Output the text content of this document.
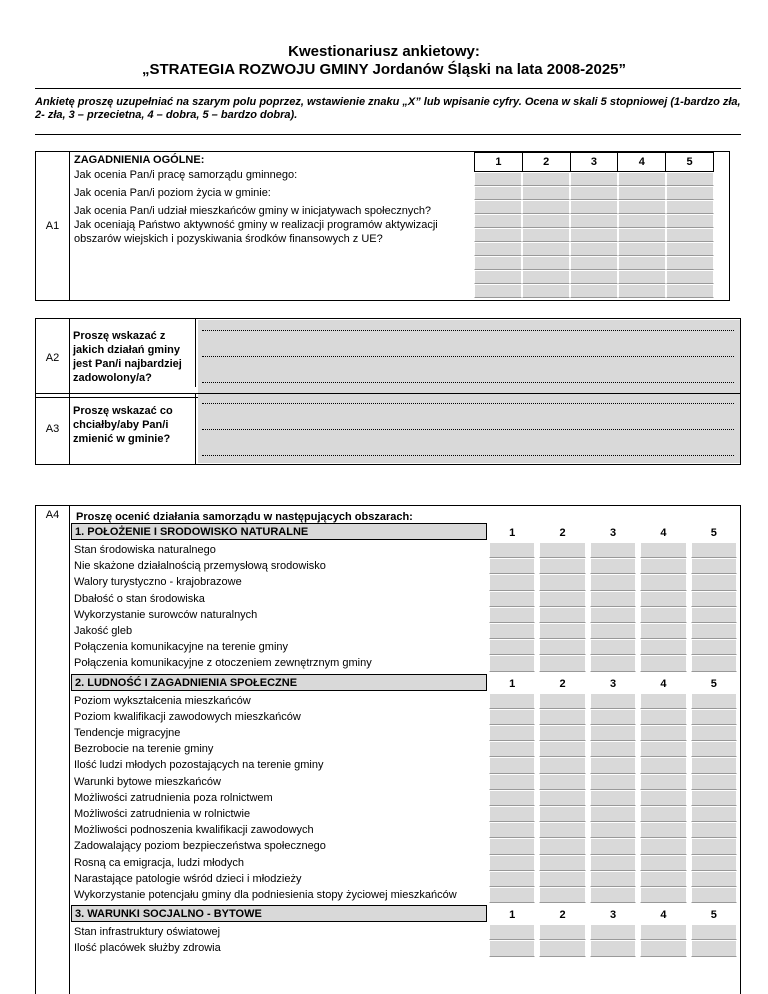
Kwestionariusz ankietowy:
„STRATEGIA ROZWOJU GMINY Jordanów Śląski na lata 2008-2025”
Ankietę proszę uzupełniać na szarym polu poprzez, wstawienie znaku „X” lub wpisanie cyfry. Ocena w skali 5 stopniowej (1-bardzo zła, 2- zła, 3 – przecietna, 4 – dobra, 5 – bardzo dobra).
A1
ZAGADNIENIA OGÓLNE:
Jak ocenia Pan/i pracę samorządu gminnego:
Jak ocenia Pan/i poziom życia w gminie:
Jak ocenia Pan/i udział mieszkańców gminy w inicjatywach społecznych?
Jak oceniają Państwo aktywność gminy w realizacji programów aktywizacji obszarów wiejskich i pozyskiwania środków finansowych z UE?
1	2	3	4	5
A2
Proszę wskazać z jakich działań gminy jest Pan/i najbardziej zadowolony/a?
A3
Proszę wskazać co chciałby/aby Pan/i zmienić w gminie?
A4	Proszę ocenić działania samorządu w następujących obszarach:
1. POŁOŻENIE I SRODOWISKO NATURALNE	1	2	3	4	5
Stan środowiska naturalnego
Nie skażone działalnością przemysłową srodowisko
Walory turystyczno - krajobrazowe
Dbałość o stan środowiska
Wykorzystanie surowców naturalnych
Jakość gleb
Połączenia komunikacyjne na terenie gminy
Połączenia komunikacyjne z otoczeniem zewnętrznym gminy
2. LUDNOŚĆ I ZAGADNIENIA SPOŁECZNE	1	2	3	4	5
Poziom wykształcenia mieszkańców
Poziom kwalifikacji zawodowych mieszkańców
Tendencje migracyjne
Bezrobocie na terenie gminy
Ilość ludzi młodych pozostających na terenie gminy
Warunki bytowe mieszkańców
Możliwości zatrudnienia poza rolnictwem
Możliwości zatrudnienia w rolnictwie
Możliwości podnoszenia kwalifikacji zawodowych
Zadowalający poziom bezpieczeństwa społecznego
Rosną ca emigracja, ludzi młodych
Narastające patologie wśród dzieci i młodzieży
Wykorzystanie potencjału gminy dla podniesienia stopy życiowej mieszkańców
3. WARUNKI SOCJALNO - BYTOWE	1	2	3	4	5
Stan infrastruktury oświatowej
Ilość placówek służby zdrowia
